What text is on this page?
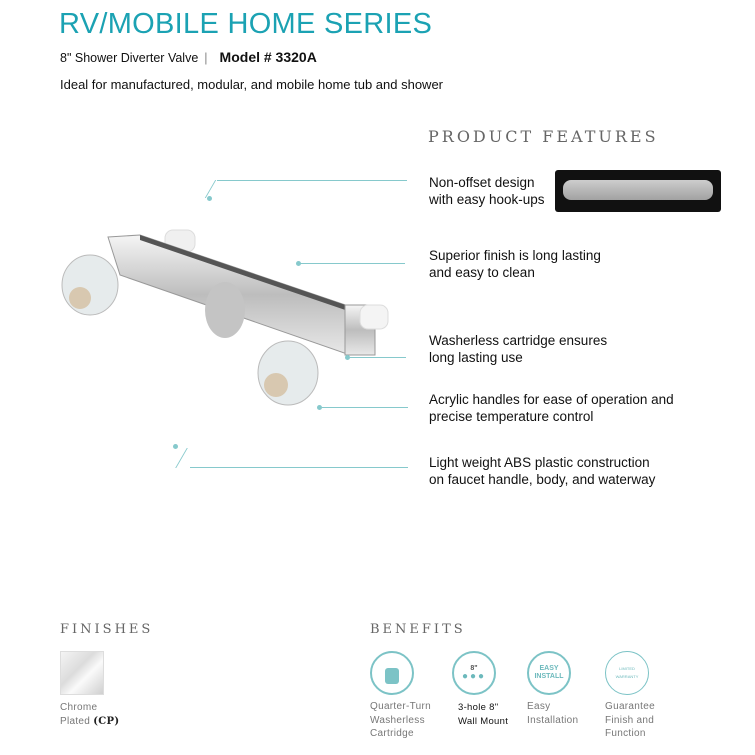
RV/MOBILE HOME SERIES
8" Shower Diverter Valve | Model # 3320A
Ideal for manufactured, modular, and mobile home tub and shower
PRODUCT FEATURES
Non-offset design
with easy hook-ups
Superior finish is long lasting
and easy to clean
Washerless cartridge ensures
long lasting use
Acrylic handles for ease of operation and
precise temperature control
Light weight ABS plastic construction
on faucet handle, body, and waterway
FINISHES
Chrome
Plated (CP)
BENEFITS
Quarter-Turn
Washerless
Cartridge
8"
●●●
3-hole 8"
Wall Mount
EASY INSTALL
Easy
Installation
LIMITED WARRANTY
Guarantee
Finish and
Function
